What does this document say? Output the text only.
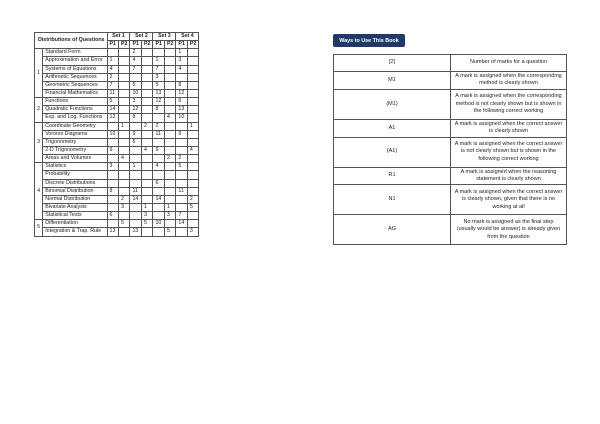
Distributions of Questions		Set 1		Set 2		Set 3		Set 4	
		P1	P2	P1	P2	P1	P2	P1	P2
1	Standard Form			2				1	
	Approximation and Error	1		4		1		3	
	Systems of Equations	4		7		7		4	
	Arithmetic Sequences	2				3			
	Geometric Sequences	7		5		5		8	
	Financial Mathematics	11		10		13		12	
2	Functions	5		3		12		6	
	Quadratic Functions	14		12		8		13	
	Exp. and Log. Functions	12		8			4	10	
3	Coordinate Geometry		1		2	2			1
	Voronoi Diagrams	10		9		11		9	
	Trigonometry			6					
	2-D Trigonometry	9			4	9			4
	Areas and Volumes		4				2	2	
4	Statistics	3		1		4		5	
	Probability								
	Discrete Distributions					6			
	Binomial Distribution	8		11				11	
	Normal Distribution		2	14		14			2
	Bivariate Analysis		3		1		1		5
	Statistical Tests	6			3		3	7	
5	Differentiation		5		5	10		14	
	Integration & Trap. Rule	13		13			5		3
Ways to Use This Book
[2]	Number of marks for a question
M1	A mark is assigned when the corresponding method is clearly shown
(M1)	A mark is assigned when the corresponding method is not clearly shown but is shown in the following correct working
A1	A mark is assigned when the correct answer is clearly shown
(A1)	A mark is assigned when the correct answer is not clearly shown but is shown in the following correct working
R1	A mark is assigned when the reasoning statement is clearly shown
N1	A mark is assigned when the correct answer is clearly shown, given that there is no working at all
AG	No mark is assigned as the final step (usually would be answer) is already given from the question
